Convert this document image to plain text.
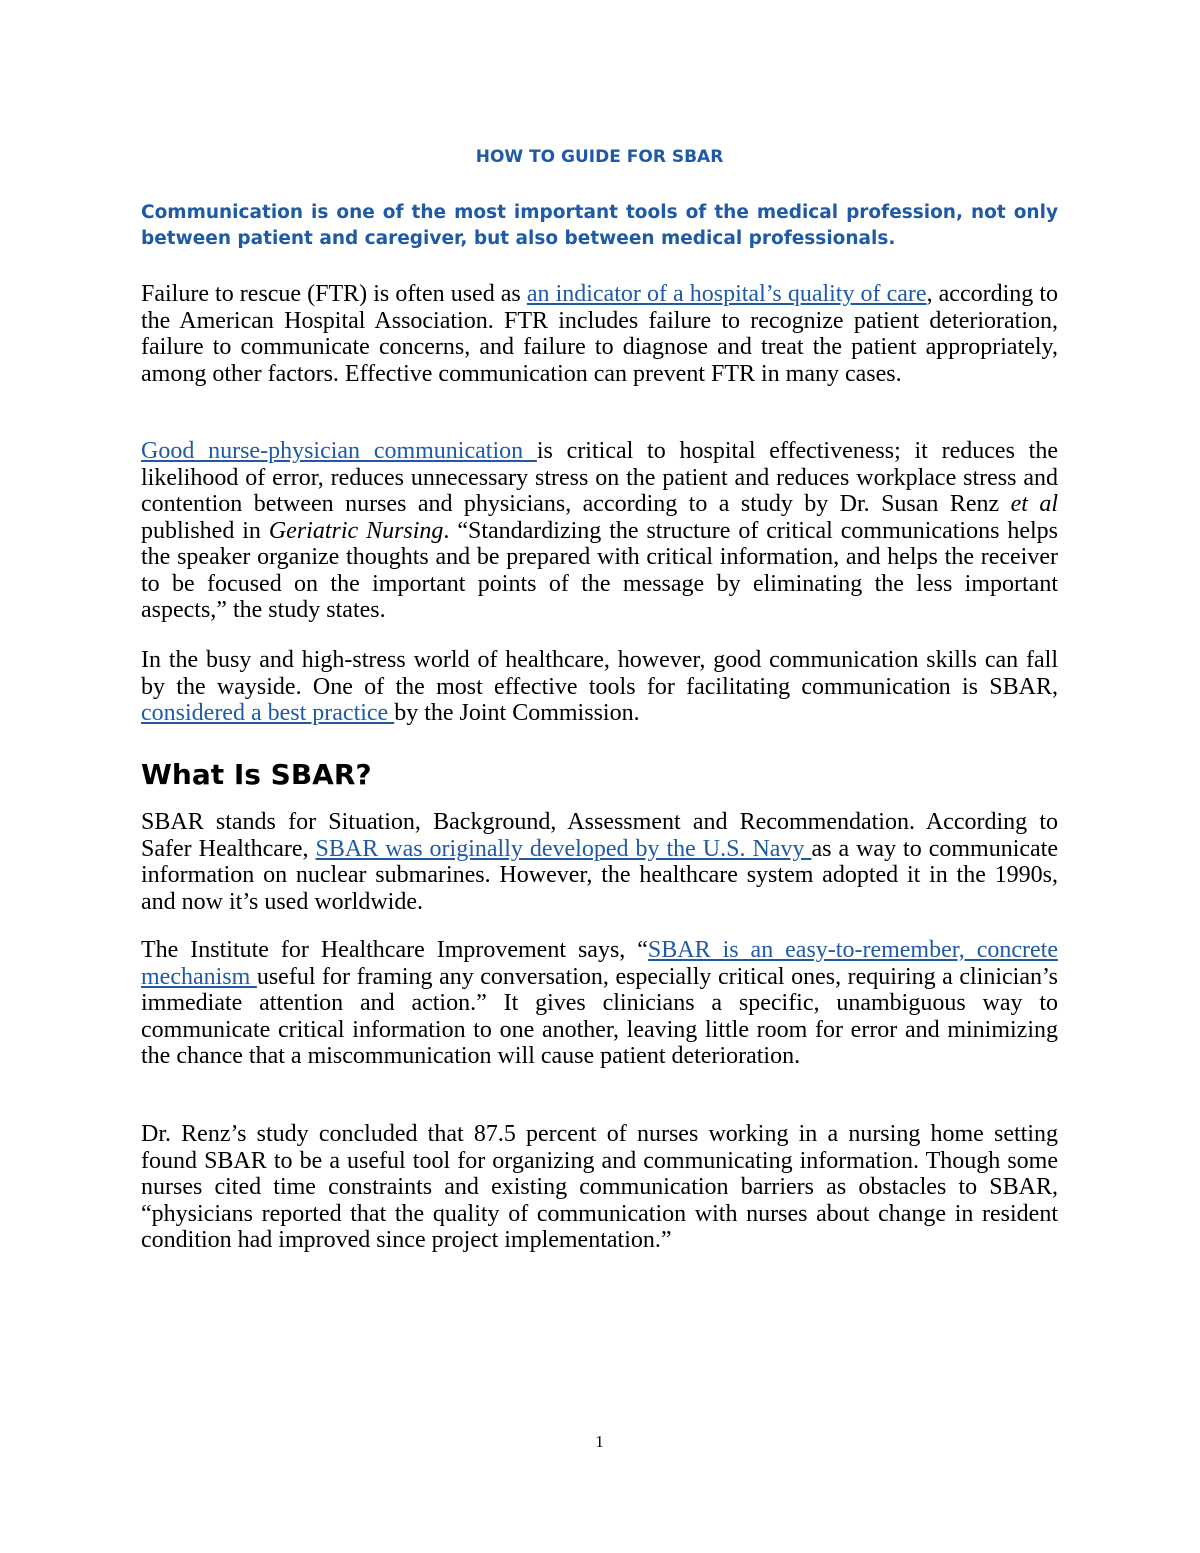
HOW TO GUIDE FOR SBAR

Communication is one of the most important tools of the medical profession, not only between patient and caregiver, but also between medical professionals.

Failure to rescue (FTR) is often used as an indicator of a hospital’s quality of care, according to the American Hospital Association. FTR includes failure to recognize patient deterioration, failure to communicate concerns, and failure to diagnose and treat the patient appropriately, among other factors. Effective communication can prevent FTR in many cases.

Good nurse-physician communication is critical to hospital effectiveness; it reduces the likelihood of error, reduces unnecessary stress on the patient and reduces workplace stress and contention between nurses and physicians, according to a study by Dr. Susan Renz et al published in Geriatric Nursing. “Standardizing the structure of critical communications helps the speaker organize thoughts and be prepared with critical information, and helps the receiver to be focused on the important points of the message by eliminating the less important aspects,” the study states.

In the busy and high-stress world of healthcare, however, good communication skills can fall by the wayside. One of the most effective tools for facilitating communication is SBAR, considered a best practice by the Joint Commission.

What Is SBAR?

SBAR stands for Situation, Background, Assessment and Recommendation. According to Safer Healthcare, SBAR was originally developed by the U.S. Navy as a way to communicate information on nuclear submarines. However, the healthcare system adopted it in the 1990s, and now it’s used worldwide.

The Institute for Healthcare Improvement says, “SBAR is an easy-to-remember, concrete mechanism useful for framing any conversation, especially critical ones, requiring a clinician’s immediate attention and action.” It gives clinicians a specific, unambiguous way to communicate critical information to one another, leaving little room for error and minimizing the chance that a miscommunication will cause patient deterioration.

Dr. Renz’s study concluded that 87.5 percent of nurses working in a nursing home setting found SBAR to be a useful tool for organizing and communicating information. Though some nurses cited time constraints and existing communication barriers as obstacles to SBAR, “physicians reported that the quality of communication with nurses about change in resident condition had improved since project implementation.”

1
